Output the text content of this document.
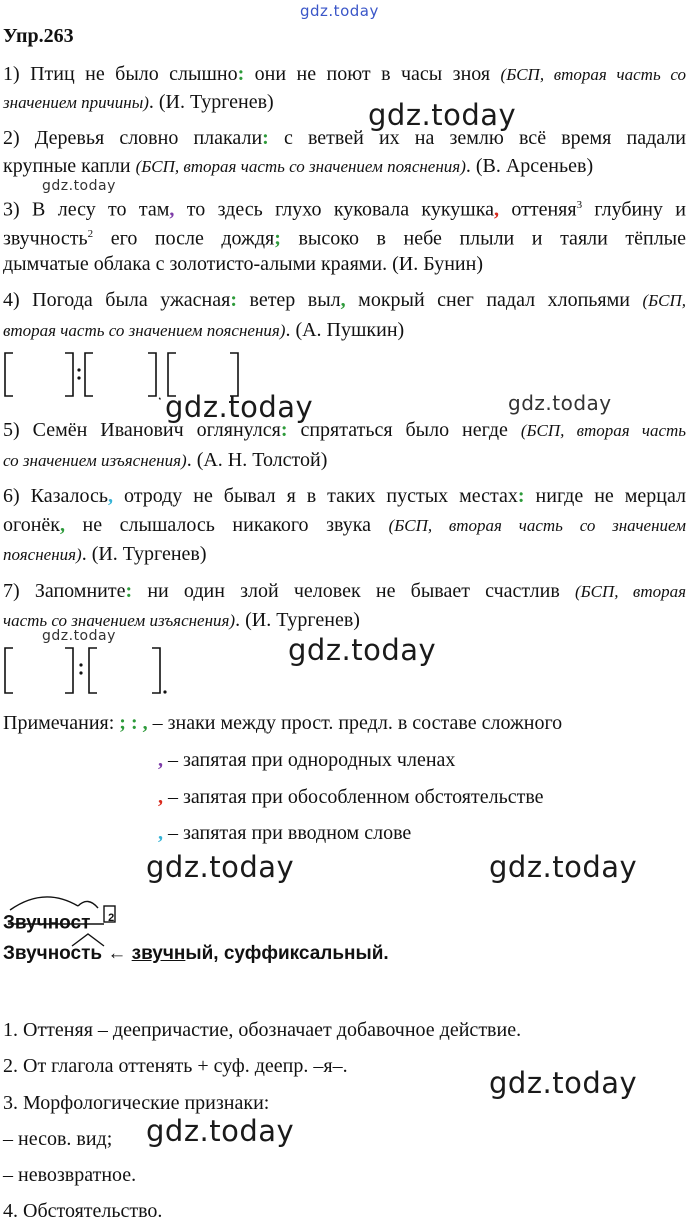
gdz.today
Упр.263
1) Птиц не было слышно: они не поют в часы зноя (БСП, вторая часть со
значением причины). (И. Тургенев)	gdz.today
2) Деревья словно плакали: с ветвей их на землю всё время падали
крупные капли (БСП, вторая часть со значением пояснения). (В. Арсеньев)
gdz.today
3) В лесу то там, то здесь глухо куковала кукушка, оттеняя$^3$ глубину и
звучность$^2$ его после дождя; высоко в небе плыли и таяли тёплые
дымчатые облака с золотисто-алыми краями. (И. Бунин)
4) Погода была ужасная: ветер выл, мокрый снег падал хлопьями (БСП,
вторая часть со значением пояснения). (А. Пушкин)
, gdz.today	gdz.today
5) Семён Иванович оглянулся: спрятаться было негде (БСП, вторая часть
со значением изъяснения). (А. Н. Толстой)
6) Казалось, отроду не бывал я в таких пустых местах: нигде не мерцал
огонёк, не слышалось никакого звука (БСП, вторая часть со значением
пояснения). (И. Тургенев)
7) Запомните: ни один злой человек не бывает счастлив (БСП, вторая
часть со значением изъяснения). (И. Тургенев)
gdz.today	gdz.today
Примечания: ; : , – знаки между прост. предл. в составе сложного
, – запятая при однородных членах
, – запятая при обособленном обстоятельстве
, – запятая при вводном слове
gdz.today	gdz.today
Звучност $^2$
Звучность ← звучный, суффиксальный.
1. Оттеняя – деепричастие, обозначает добавочное действие.
2. От глагола оттенять + суф. деепр. –я–.
3. Морфологические признаки:
– несов. вид;
– невозвратное.
4. Обстоятельство.
gdz.today
gdz.today
